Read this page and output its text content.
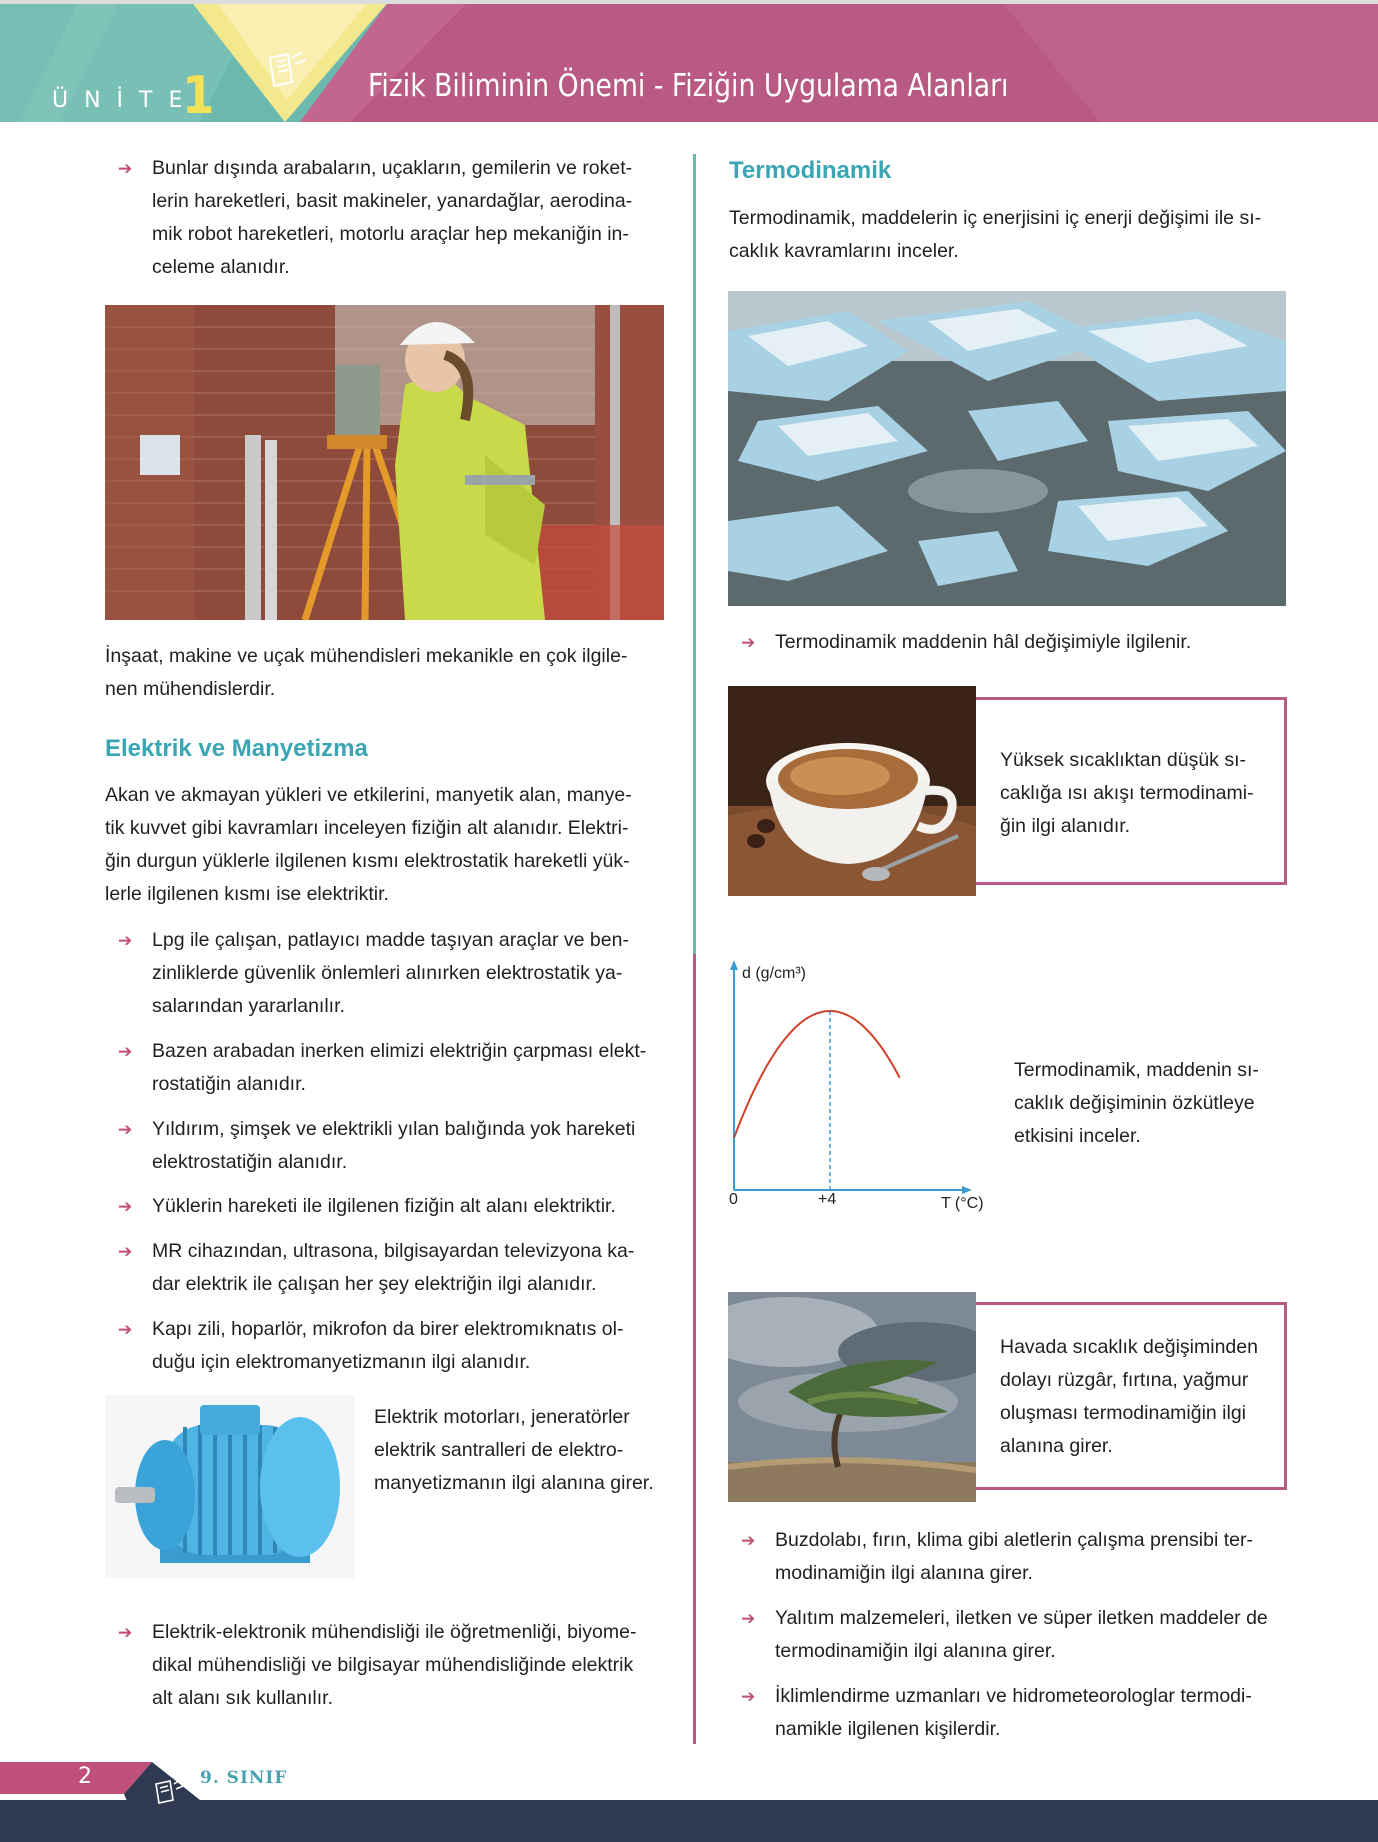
ÜNİTE
1	Fizik Biliminin Önemi - Fiziğin Uygulama Alanları
➔ Bunlar dışında arabaların, uçakların, gemilerin ve roket-
lerin hareketleri, basit makineler, yanardağlar, aerodina-
mik robot hareketleri, motorlu araçlar hep mekaniğin in-
celeme alanıdır.
İnşaat, makine ve uçak mühendisleri mekanikle en çok ilgile-
nen mühendislerdir.
Elektrik ve Manyetizma
Akan ve akmayan yükleri ve etkilerini, manyetik alan, manye-
tik kuvvet gibi kavramları inceleyen fiziğin alt alanıdır. Elektri-
ğin durgun yüklerle ilgilenen kısmı elektrostatik hareketli yük-
lerle ilgilenen kısmı ise elektriktir.
➔ Lpg ile çalışan, patlayıcı madde taşıyan araçlar ve ben-
zinliklerde güvenlik önlemleri alınırken elektrostatik ya-
salarından yararlanılır.
➔ Bazen arabadan inerken elimizi elektriğin çarpması elekt-
rostatiğin alanıdır.
➔ Yıldırım, şimşek ve elektrikli yılan balığında yok hareketi
elektrostatiğin alanıdır.
➔ Yüklerin hareketi ile ilgilenen fiziğin alt alanı elektriktir.
➔ MR cihazından, ultrasona, bilgisayardan televizyona ka-
dar elektrik ile çalışan her şey elektriğin ilgi alanıdır.
➔ Kapı zili, hoparlör, mikrofon da birer elektromıknatıs ol-
duğu için elektromanyetizmanın ilgi alanıdır.
Elektrik motorları, jeneratörler
elektrik santralleri de elektro-
manyetizmanın ilgi alanına girer.
➔ Elektrik-elektronik mühendisliği ile öğretmenliği, biyome-
dikal mühendisliği ve bilgisayar mühendisliğinde elektrik
alt alanı sık kullanılır.
Termodinamik
Termodinamik, maddelerin iç enerjisini iç enerji değişimi ile sı-
caklık kavramlarını inceler.
➔ Termodinamik maddenin hâl değişimiyle ilgilenir.
Yüksek sıcaklıktan düşük sı-
caklığa ısı akışı termodinami-
ğin ilgi alanıdır.
d (g/cm³)
0	+4	T (°C)
Termodinamik, maddenin sı-
caklık değişiminin özkütleye
etkisini inceler.
Havada sıcaklık değişiminden
dolayı rüzgâr, fırtına, yağmur
oluşması termodinamiğin ilgi
alanına girer.
➔ Buzdolabı, fırın, klima gibi aletlerin çalışma prensibi ter-
modinamiğin ilgi alanına girer.
➔ Yalıtım malzemeleri, iletken ve süper iletken maddeler de
termodinamiğin ilgi alanına girer.
➔ İklimlendirme uzmanları ve hidrometeorologlar termodi-
namikle ilgilenen kişilerdir.
2	9. SINIF
